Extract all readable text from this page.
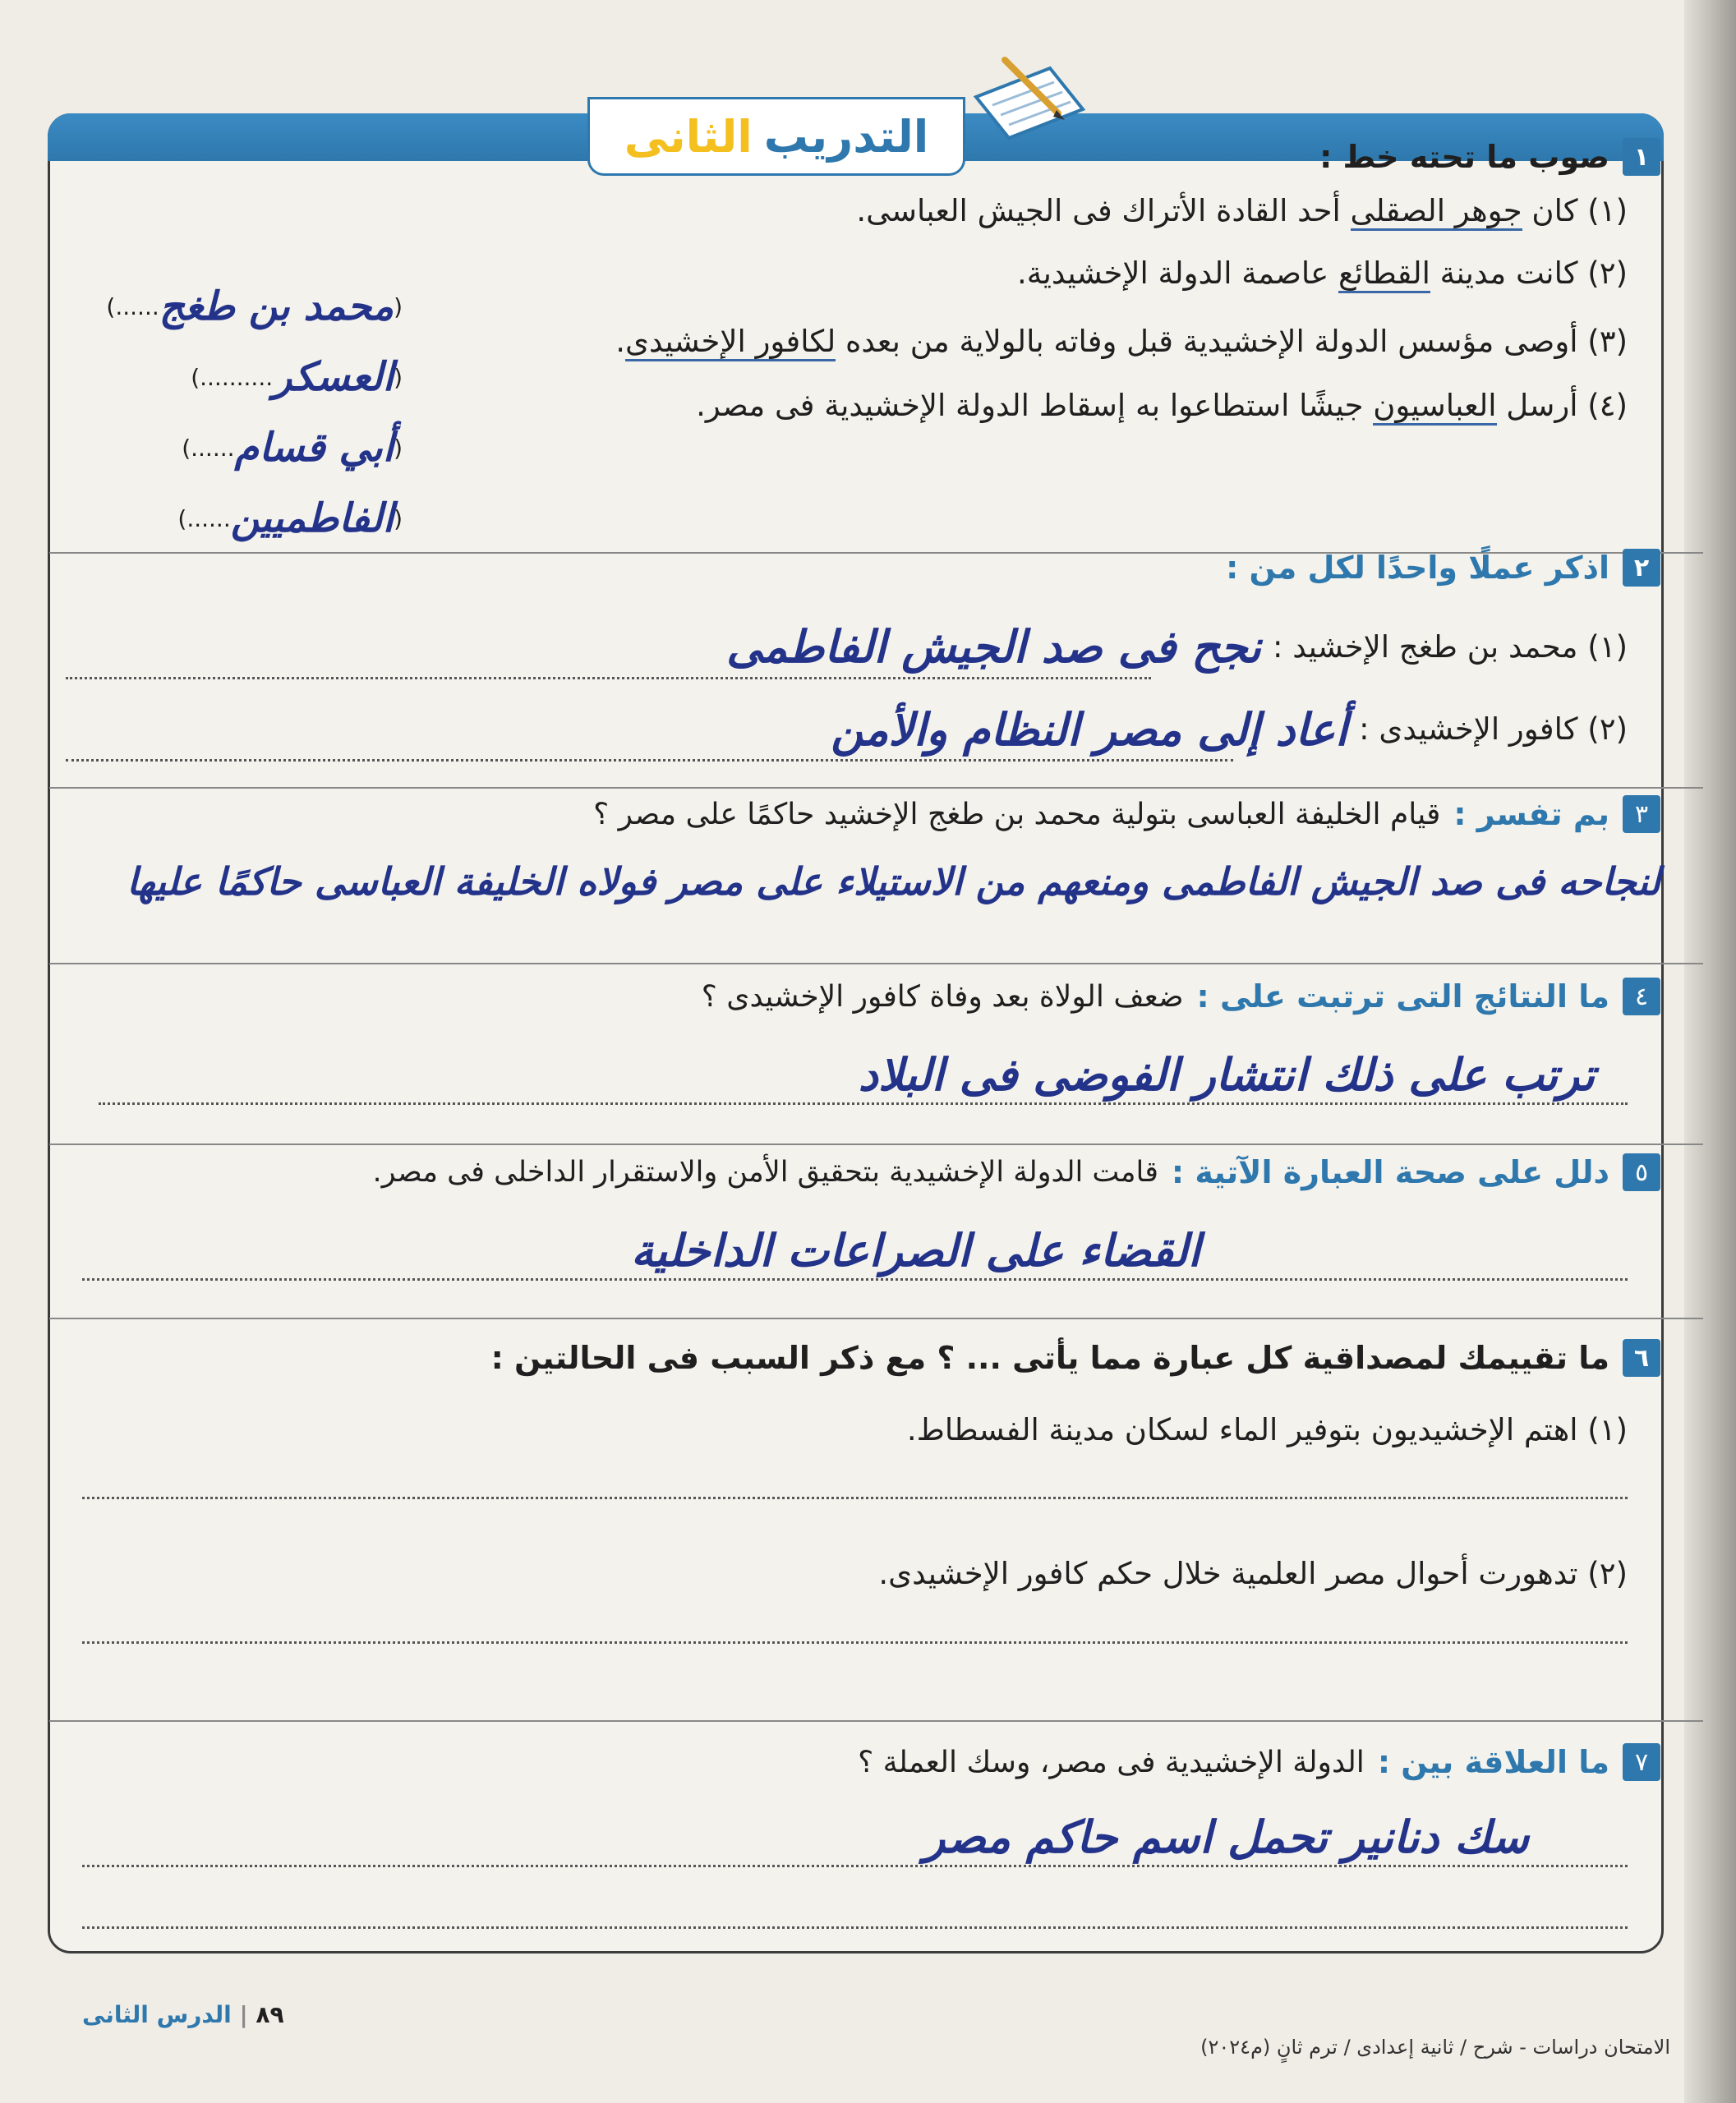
التدريب
الثانى	١
صوب ما تحته خط :
(١) كان جوهر الصقلى أحد القادة الأتراك فى الجيش العباسى.
(٢) كانت مدينة القطائع عاصمة الدولة الإخشيدية.
(٣) أوصى مؤسس الدولة الإخشيدية قبل وفاته بالولاية من بعده لكافور الإخشيدى.
(٤) أرسل العباسيون جيشًا استطاعوا به إسقاط الدولة الإخشيدية فى مصر.
(
محمد بن طغج
......)
(
العسكر
..........)
(
أبي قسام
......)
(
الفاطميين
......)
٢
اذكر عملًا واحدًا لكل من :
(١) محمد بن طغج الإخشيد :
نجح فى صد الجيش الفاطمى
(٢) كافور الإخشيدى :
أعاد إلى مصر النظام والأمن
٣
بم تفسر :
قيام الخليفة العباسى بتولية محمد بن طغج الإخشيد حاكمًا على مصر ؟
لنجاحه فى صد الجيش الفاطمى ومنعهم من الاستيلاء على مصر فولاه الخليفة العباسى حاكمًا عليها
٤
ما النتائج التى ترتبت على :
ضعف الولاة بعد وفاة كافور الإخشيدى ؟
ترتب على ذلك انتشار الفوضى فى البلاد
٥
دلل على صحة العبارة الآتية :
قامت الدولة الإخشيدية بتحقيق الأمن والاستقرار الداخلى فى مصر.
القضاء على الصراعات الداخلية
٦
ما تقييمك لمصداقية كل عبارة مما يأتى ... ؟ مع ذكر السبب فى الحالتين :
(١) اهتم الإخشيديون بتوفير الماء لسكان مدينة الفسطاط.
(٢) تدهورت أحوال مصر العلمية خلال حكم كافور الإخشيدى.
٧
ما العلاقة بين :
الدولة الإخشيدية فى مصر، وسك العملة ؟
سك دنانير تحمل اسم حاكم مصر
٨٩ | الدرس الثانى
الامتحان دراسات - شرح / ثانية إعدادى / ترم ثانٍ (م٢٠٢٤)
